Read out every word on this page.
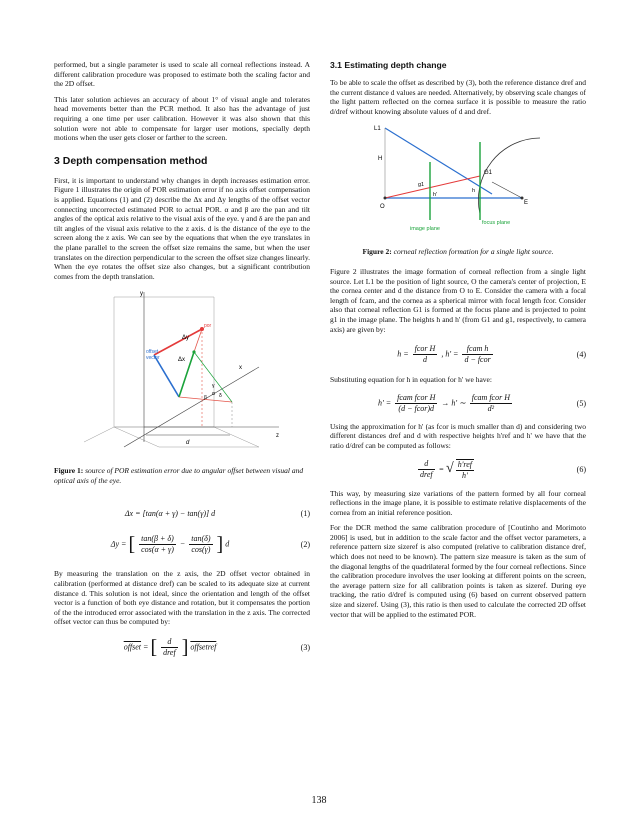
performed, but a single parameter is used to scale all corneal reflections instead. A different calibration procedure was proposed to estimate both the scaling factor and the 2D offset.

This later solution achieves an accuracy of about 1° of visual angle and tolerates head movements better than the PCR method. It also has the advantage of just requiring a one time per user calibration. However it was also shown that this solution were not able to compensate for larger user motions, specially depth motions when the user gets closer or farther to the screen.

3 Depth compensation method

First, it is important to understand why changes in depth increases estimation error. Figure 1 illustrates the origin of POR estimation error if no axis offset compensation is applied. Equations (1) and (2) describe the Δx and Δy lengths of the offset vector connecting uncorrected estimated POR to actual POR. α and β are the pan and tilt angles of the optical axis relative to the visual axis of the eye. γ and δ are the pan and tilt angles of the visual axis relative to the z axis. d is the distance of the eye to the screen along the z axis. We can see by the equations that when the eye translates in the plane parallel to the screen the offset size remains the same, but when the user translates on the direction perpendicular to the screen the offset size changes linearly. When the eye rotates the offset size also changes, but a significant contribution comes from the depth translation.

y
x
z
por
offset
vector
Δy
Δx
γ
α
β δ
d

Figure 1: source of POR estimation error due to angular offset between visual and optical axis of the eye.

Δx = [tan(α + γ) − tan(γ)] d	(1)
Δy = [ $\frac{\tan(\beta + \delta)}{\cos(\alpha + \gamma)} - \frac{\tan(\delta)}{\cos(\gamma)}$ ] d	(2)

By measuring the translation on the z axis, the 2D offset vector obtained in calibration (performed at distance dref) can be scaled to its adequate size at current distance d. This solution is not ideal, since the orientation and length of the offset vector is a function of both eye distance and rotation, but it compensates the portion of the the introduced error associated with the translation in the z axis. The corrected offset vector can thus be computed by:

offset = [ $\frac{d}{\text{dref}}$ ] offsetref	(3)
3.1 Estimating depth change

To be able to scale the offset as described by (3), both the reference distance dref and the current distance d values are needed. Alternatively, by observing scale changes of the light pattern reflected on the cornea surface it is possible to measure the ratio d/dref without knowing absolute values of d and dref.

L1
H
O
g1
h'
h
G1
E
image plane
focus plane

Figure 2: corneal reflection formation for a single light source.

Figure 2 illustrates the image formation of corneal reflection from a single light source. Let L1 be the position of light source, O the camera's center of projection, E the cornea center and d the distance from O to E. Consider the camera with a focal length of fcam, and the cornea as a spherical mirror with focal length fcor. Consider also that corneal reflection G1 is formed at the focus plane and is projected to point g1 in the image plane. The heights h and h' (from G1 and g1, respectively, to camera axis) are given by:

$h = \frac{\text{fcor H}}{d}$ , $h' = \frac{\text{fcam h}}{\text{d − fcor}}$	(4)

Substituting equation for h in equation for h' we have:

$h' = \frac{\text{fcam fcor H}}{\text{(d − fcor)d}} \to h'$ ∼ $\frac{\text{fcam fcor H}}{\text{d²}}$	(5)

Using the approximation for h' (as fcor is much smaller than d) and considering two different distances dref and d with respective heights h'ref and h' we have that the ratio d/dref can be computed as follows:

$\frac{d}{\text{dref}}$ = √ $\frac{\text{h'ref}}{h'}$	(6)

This way, by measuring size variations of the pattern formed by all four corneal reflections in the image plane, it is possible to estimate relative displacements of the cornea from an initial reference position.

For the DCR method the same calibration procedure of [Coutinho and Morimoto 2006] is used, but in addition to the scale factor and the offset vector parameters, a reference pattern size sizeref is also computed (relative to calibration distance dref, which does not need to be known). The pattern size measure is taken as the sum of the diagonal lengths of the quadrilateral formed by the four corneal reflections. Since the calibration procedure involves the user looking at different points on the screen, the average pattern size for all calibration points is taken as sizeref. During eye tracking, the ratio d/dref is computed using (6) based on current observed pattern size and sizeref. Using (3), this ratio is then used to calculate the corrected 2D offset vector that will be applied to the estimated POR.

138
